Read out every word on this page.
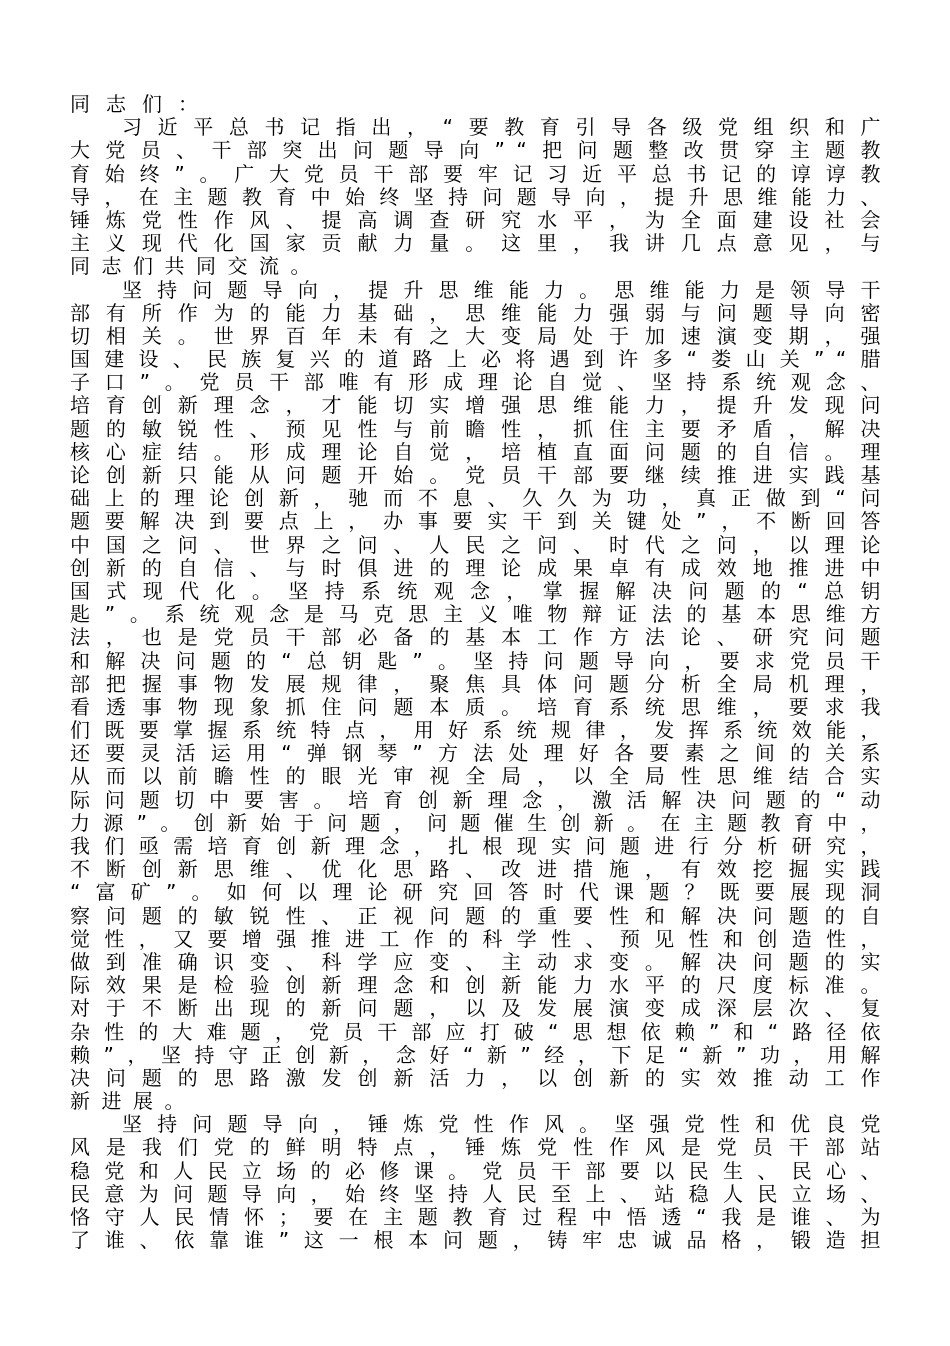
同志们：
习近平总书记指出，“要教育引导各级党组织和广
大党员、干部突出问题导向”“把问题整改贯穿主题教
育始终”。广大党员干部要牢记习近平总书记的谆谆教
导，在主题教育中始终坚持问题导向，提升思维能力、
锤炼党性作风、提高调查研究水平，为全面建设社会
主义现代化国家贡献力量。这里，我讲几点意见，与
同志们共同交流。
坚持问题导向，提升思维能力。思维能力是领导干
部有所作为的能力基础，思维能力强弱与问题导向密
切相关。世界百年未有之大变局处于加速演变期，强
国建设、民族复兴的道路上必将遇到许多“娄山关”“腊
子口”。党员干部唯有形成理论自觉、坚持系统观念、
培育创新理念，才能切实增强思维能力，提升发现问
题的敏锐性、预见性与前瞻性，抓住主要矛盾，解决
核心症结。形成理论自觉，培植直面问题的自信。理
论创新只能从问题开始。党员干部要继续推进实践基
础上的理论创新，驰而不息、久久为功，真正做到“问
题要解决到要点上，办事要实干到关键处”，不断回答
中国之问、世界之问、人民之问、时代之问，以理论
创新的自信、与时俱进的理论成果卓有成效地推进中
国式现代化。坚持系统观念，掌握解决问题的“总钥
匙”。系统观念是马克思主义唯物辩证法的基本思维方
法，也是党员干部必备的基本工作方法论、研究问题
和解决问题的“总钥匙”。坚持问题导向，要求党员干
部把握事物发展规律，聚焦具体问题分析全局机理，
看透事物现象抓住问题本质。培育系统思维，要求我
们既要掌握系统特点，用好系统规律，发挥系统效能，
还要灵活运用“弹钢琴”方法处理好各要素之间的关系
从而以前瞻性的眼光审视全局，以全局性思维结合实
际问题切中要害。培育创新理念，激活解决问题的“动
力源”。创新始于问题，问题催生创新。在主题教育中，
我们亟需培育创新理念，扎根现实问题进行分析研究，
不断创新思维、优化思路、改进措施，有效挖掘实践
“富矿”。如何以理论研究回答时代课题？既要展现洞
察问题的敏锐性、正视问题的重要性和解决问题的自
觉性，又要增强推进工作的科学性、预见性和创造性，
做到准确识变、科学应变、主动求变。解决问题的实
际效果是检验创新理念和创新能力水平的尺度标准。
对于不断出现的新问题，以及发展演变成深层次、复
杂性的大难题，党员干部应打破“思想依赖”和“路径依
赖”，坚持守正创新，念好“新”经，下足“新”功，用解
决问题的思路激发创新活力，以创新的实效推动工作
新进展。
坚持问题导向，锤炼党性作风。坚强党性和优良党
风是我们党的鲜明特点，锤炼党性作风是党员干部站
稳党和人民立场的必修课。党员干部要以民生、民心、
民意为问题导向，始终坚持人民至上、站稳人民立场、
恪守人民情怀；要在主题教育过程中悟透“我是谁、为
了谁、依靠谁”这一根本问题，铸牢忠诚品格，锻造担
